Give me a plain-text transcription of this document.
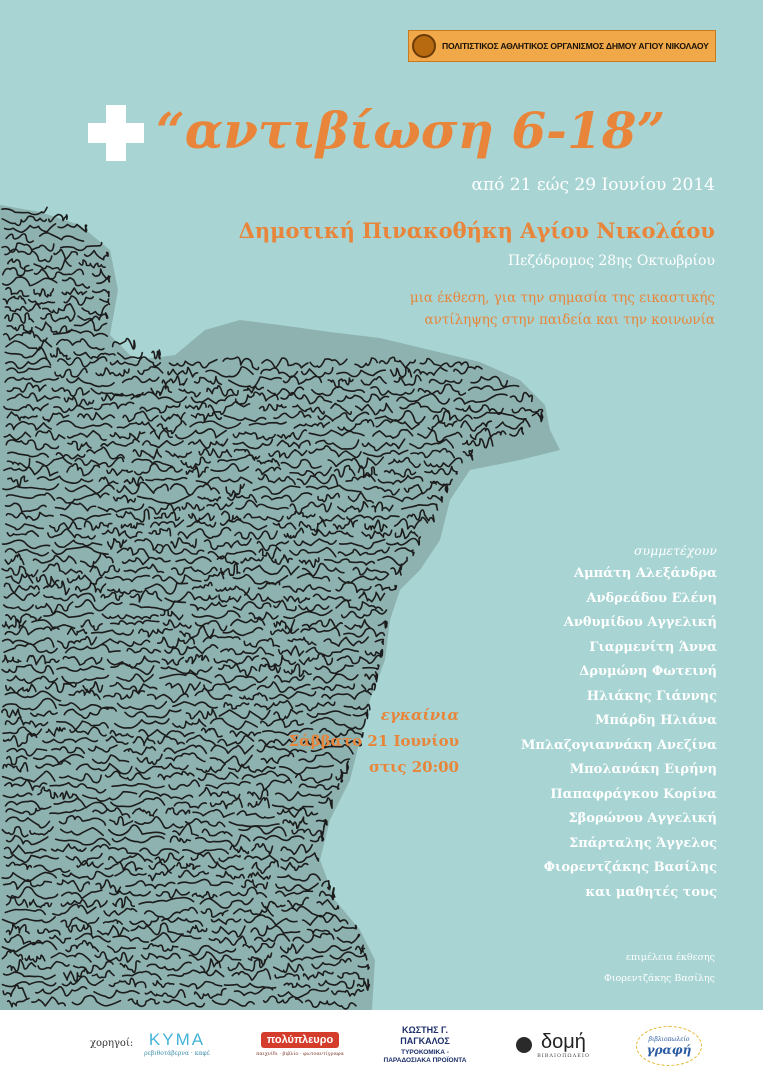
ΠΟΛΙΤΙΣΤΙΚΟΣ ΑΘΛΗΤΙΚΟΣ ΟΡΓΑΝΙΣΜΟΣ ΔΗΜΟΥ ΑΓΙΟΥ ΝΙΚΟΛΑΟΥ
“αντιβίωση 6-18”
από 21 εώς 29 Ιουνίου 2014
Δημοτική Πινακοθήκη Αγίου Νικολάου
Πεζόδρομος 28ης Οκτωβρίου
μια έκθεση, για την σημασία της εικαστικής
αντίληψης στην παιδεία και την κοινωνία
συμμετέχουν
Αμπάτη Αλεξάνδρα
Ανδρεάδου Ελένη
Ανθυμίδου Αγγελική
Γιαρμενίτη Άννα
Δρυμώνη Φωτεινή
Ηλιάκης Γιάννης
Μπάρδη Ηλιάνα
Μπλαζογιαννάκη Ανεζίνα
Μπολανάκη Ειρήνη
Παπαφράγκου Κορίνα
Σβορώνου Αγγελική
Σπάρταλης Άγγελος
Φιορεντζάκης Βασίλης
και μαθητές τους
εγκαίνια
Σάββατο 21 Ιουνίου
στις 20:00
επιμέλεια έκθεσης
Φιορεντζάκης Βασίλης
χορηγοί: ΚΥΜΑ
ρεβιθοτάβερνα · καφέ
πολύπλευρο
παιχνίδι · βιβλίο · φωτοαντίγραφα
ΚΩΣΤΗΣ Γ. ΠΑΓΚΑΛΟΣ
ΤΥΡΟΚΟΜΙΚΑ - ΠΑΡΑΔΟΣΙΑΚΑ ΠΡΟΪΟΝΤΑ
δομή
ΒΙΒΛΙΟΠΩΛΕΙΟ
βιβλιοπωλείο
γραφή
